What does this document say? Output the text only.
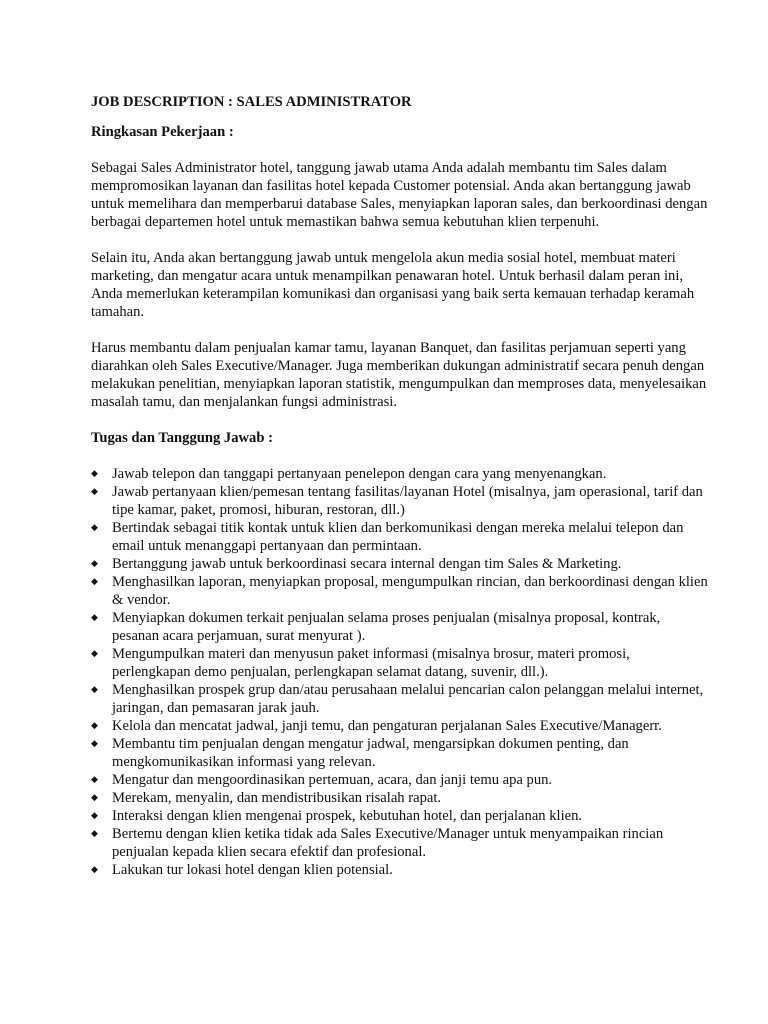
JOB DESCRIPTION : SALES ADMINISTRATOR
Ringkasan Pekerjaan :

Sebagai Sales Administrator hotel, tanggung jawab utama Anda adalah membantu tim Sales dalam mempromosikan layanan dan fasilitas hotel kepada Customer potensial. Anda akan bertanggung jawab untuk memelihara dan memperbarui database Sales, menyiapkan laporan sales, dan berkoordinasi dengan berbagai departemen hotel untuk memastikan bahwa semua kebutuhan klien terpenuhi.

Selain itu, Anda akan bertanggung jawab untuk mengelola akun media sosial hotel, membuat materi marketing, dan mengatur acara untuk menampilkan penawaran hotel. Untuk berhasil dalam peran ini, Anda memerlukan keterampilan komunikasi dan organisasi yang baik serta kemauan terhadap keramah tamahan.

Harus membantu dalam penjualan kamar tamu, layanan Banquet, dan fasilitas perjamuan seperti yang diarahkan oleh Sales Executive/Manager. Juga memberikan dukungan administratif secara penuh dengan melakukan penelitian, menyiapkan laporan statistik, mengumpulkan dan memproses data, menyelesaikan masalah tamu, dan menjalankan fungsi administrasi.

Tugas dan Tanggung Jawab :
◆ Jawab telepon dan tanggapi pertanyaan penelepon dengan cara yang menyenangkan.
◆ Jawab pertanyaan klien/pemesan tentang fasilitas/layanan Hotel (misalnya, jam operasional, tarif dan tipe kamar, paket, promosi, hiburan, restoran, dll.)
◆ Bertindak sebagai titik kontak untuk klien dan berkomunikasi dengan mereka melalui telepon dan email untuk menanggapi pertanyaan dan permintaan.
◆ Bertanggung jawab untuk berkoordinasi secara internal dengan tim Sales & Marketing.
◆ Menghasilkan laporan, menyiapkan proposal, mengumpulkan rincian, dan berkoordinasi dengan klien & vendor.
◆ Menyiapkan dokumen terkait penjualan selama proses penjualan (misalnya proposal, kontrak, pesanan acara perjamuan, surat menyurat ).
◆ Mengumpulkan materi dan menyusun paket informasi (misalnya brosur, materi promosi, perlengkapan demo penjualan, perlengkapan selamat datang, suvenir, dll.).
◆ Menghasilkan prospek grup dan/atau perusahaan melalui pencarian calon pelanggan melalui internet, jaringan, dan pemasaran jarak jauh.
◆ Kelola dan mencatat jadwal, janji temu, dan pengaturan perjalanan Sales Executive/Managerr.
◆ Membantu tim penjualan dengan mengatur jadwal, mengarsipkan dokumen penting, dan mengkomunikasikan informasi yang relevan.
◆ Mengatur dan mengoordinasikan pertemuan, acara, dan janji temu apa pun.
◆ Merekam, menyalin, dan mendistribusikan risalah rapat.
◆ Interaksi dengan klien mengenai prospek, kebutuhan hotel, dan perjalanan klien.
◆ Bertemu dengan klien ketika tidak ada Sales Executive/Manager untuk menyampaikan rincian penjualan kepada klien secara efektif dan profesional.
◆ Lakukan tur lokasi hotel dengan klien potensial.
